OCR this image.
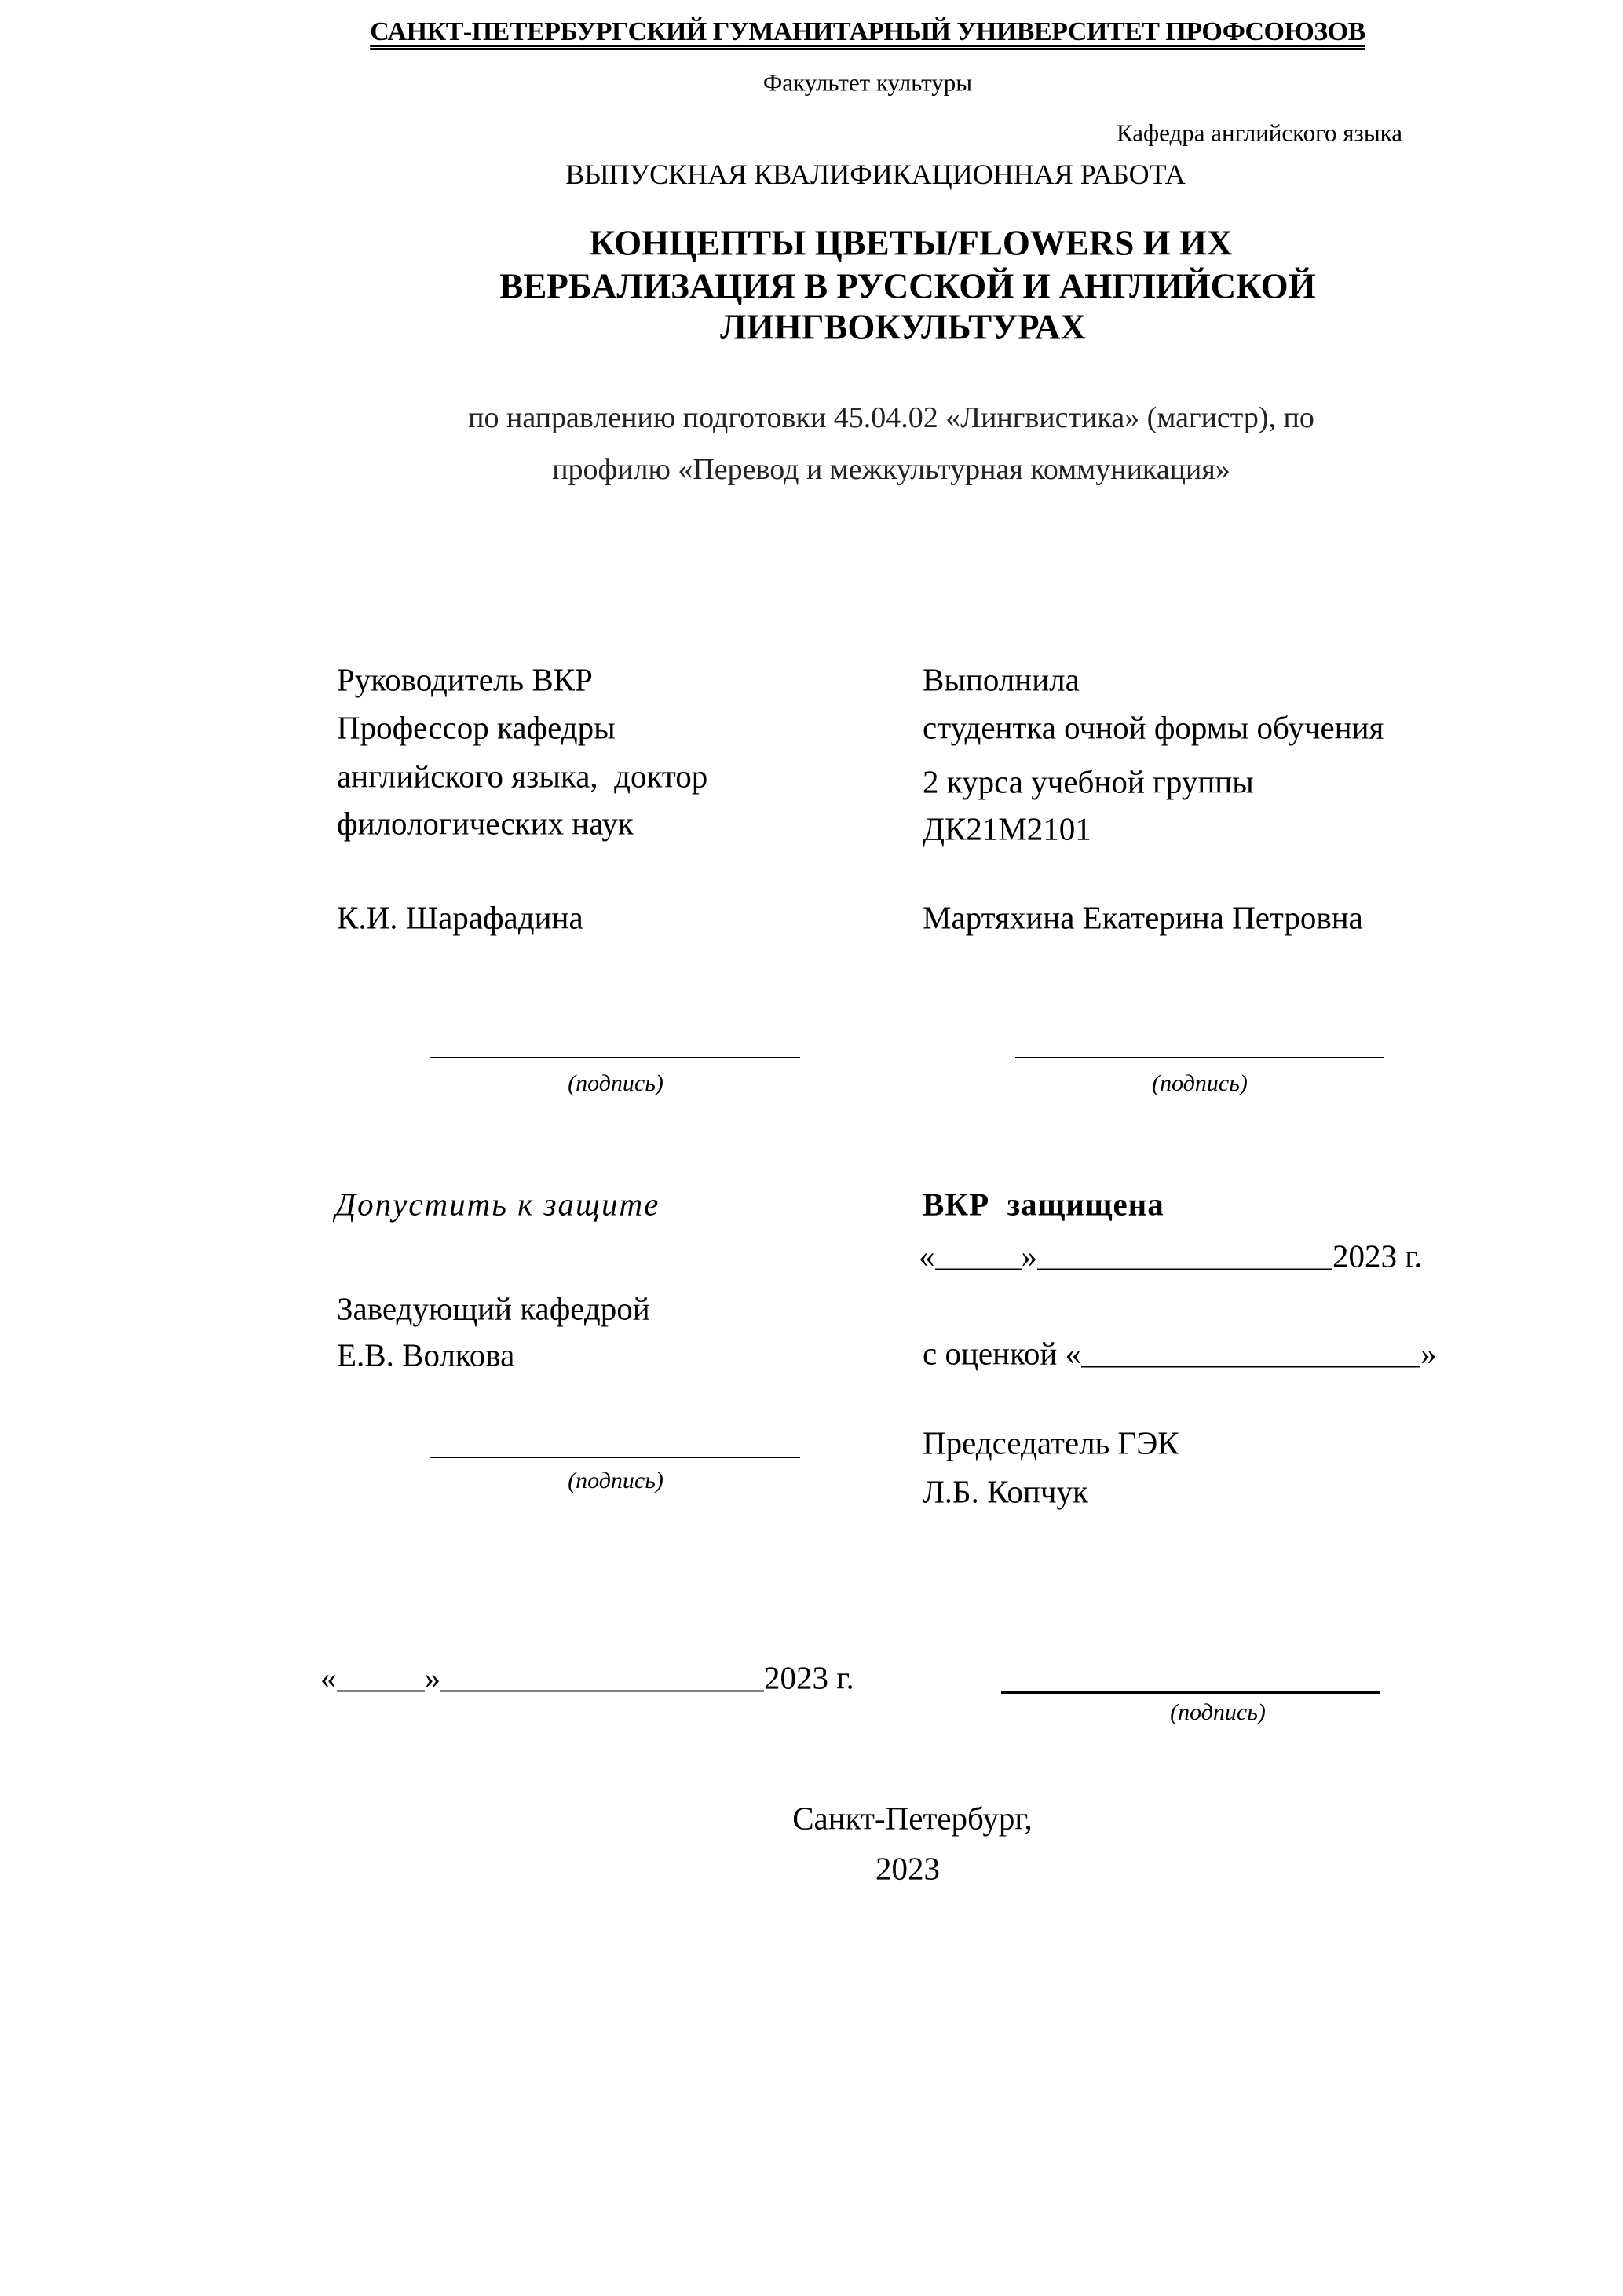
САНКТ-ПЕТЕРБУРГСКИЙ ГУМАНИТАРНЫЙ УНИВЕРСИТЕТ ПРОФСОЮЗОВ
Факультет культуры
Кафедра английского языка
ВЫПУСКНАЯ КВАЛИФИКАЦИОННАЯ РАБОТА
КОНЦЕПТЫ ЦВЕТЫ/FLOWERS И ИХ
ВЕРБАЛИЗАЦИЯ В РУССКОЙ И АНГЛИЙСКОЙ
ЛИНГВОКУЛЬТУРАХ
по направлению подготовки 45.04.02 «Лингвистика» (магистр), по
профилю «Перевод и межкультурная коммуникация»
Руководитель ВКР
Профессор кафедры
английского языка,  доктор
филологических наук
К.И. Шарафадина
(подпись)
Выполнила
студентка очной формы обучения
2 курса учебной группы
ДК21М2101
Мартяхина Екатерина Петровна
(подпись)
Допустить к защите
Заведующий кафедрой
Е.В. Волкова
(подпись)
ВКР  защищена
«	»	2023 г.
с оценкой «	»
Председатель ГЭК
Л.Б. Копчук
«	»	2023 г.
(подпись)
Санкт-Петербург,
2023
